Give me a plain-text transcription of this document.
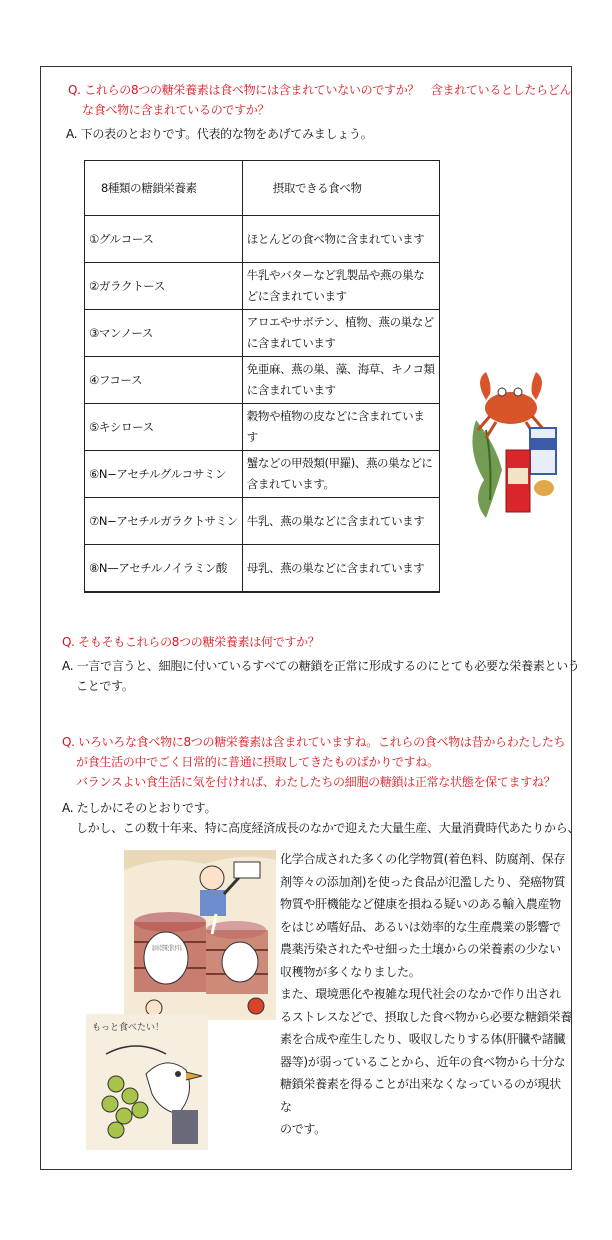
Q. これらの8つの糖栄養素は食べ物には含まれていないのですか？　含まれているとしたらどん
な食べ物に含まれているのですか？
A. 下の表のとおりです。代表的な物をあげてみましょう。
8種類の糖鎖栄養素	摂取できる食べ物
①グルコース	ほとんどの食べ物に含まれています
②ガラクトース	牛乳やバターなど乳製品や燕の巣などに含まれています
③マンノース	アロエやサボテン、植物、燕の巣などに含まれています
④フコース	免亜麻、燕の巣、藻、海草、キノコ類に含まれています
⑤キシロース	穀物や植物の皮などに含まれています
⑥N−アセチルグルコサミン	蟹などの甲殻類(甲羅)、燕の巣などに含まれています。
⑦N−アセチルガラクトサミン	牛乳、燕の巣などに含まれています
⑧N—アセチルノイラミン酸	母乳、燕の巣などに含まれています
Q. そもそもこれらの8つの糖栄養素は何ですか？
A. 一言で言うと、細胞に付いているすべての糖鎖を正常に形成するのにとても必要な栄養素という
ことです。
Q. いろいろな食べ物に8つの糖栄養素は含まれていますね。これらの食べ物は昔からわたしたち
が食生活の中でごく日常的に普通に摂取してきたものばかりですね。
バランスよい食生活に気を付ければ、わたしたちの細胞の糖鎖は正常な状態を保てますね？
A. たしかにそのとおりです。
しかし、この数十年来、特に高度経済成長のなかで迎えた大量生産、大量消費時代あたりから、
もっと食べたい！
化学合成された多くの化学物質(着色料、防腐剤、保存
剤等々の添加剤)を使った食品が氾濫したり、発癌物質
物質や肝機能など健康を損ねる疑いのある輸入農産物
をはじめ嗜好品、あるいは効率的な生産農業の影響で
農薬汚染されたやせ細った土壌からの栄養素の少ない
収穫物が多くなりました。
また、環境悪化や複雑な現代社会のなかで作り出され
るストレスなどで、摂取した食べ物から必要な糖鎖栄養
素を合成や産生したり、吸収したりする体(肝臓や諸臓
器等)が弱っていることから、近年の食べ物から十分な
糖鎖栄養素を得ることが出来なくなっているのが現状な
のです。
